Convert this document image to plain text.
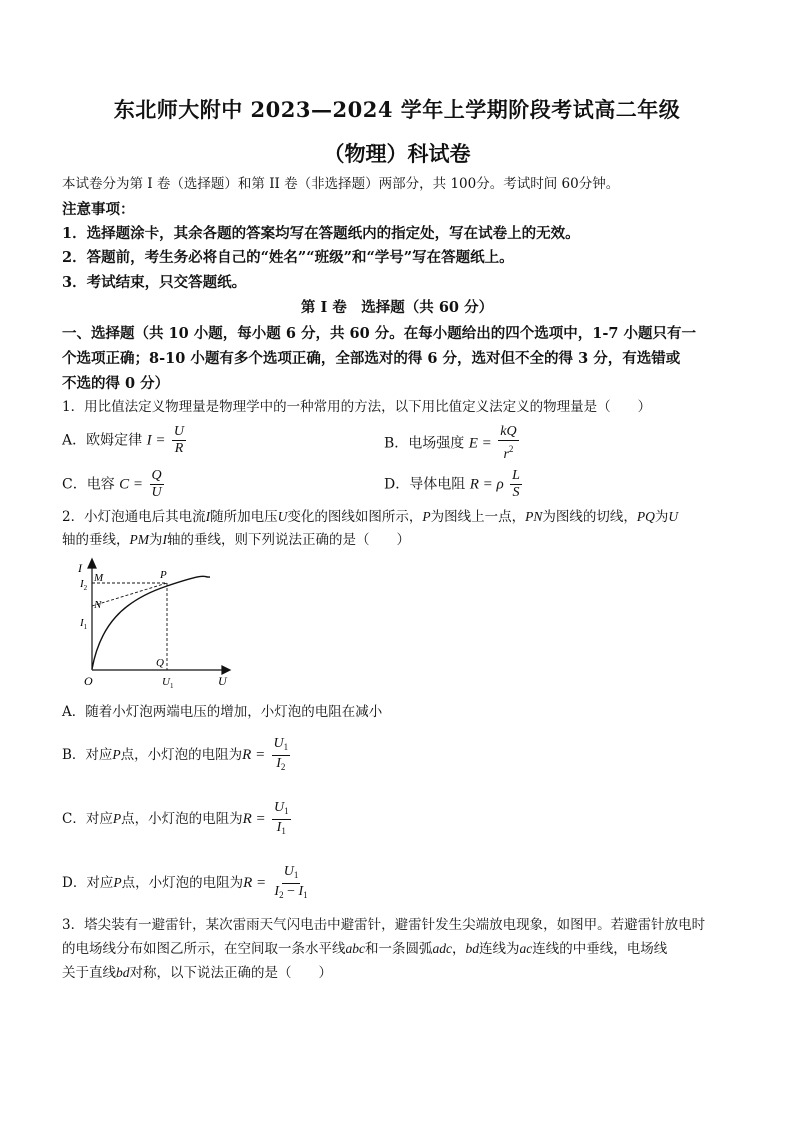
东北师大附中 2023—2024 学年上学期阶段考试高二年级
（物理）科试卷
本试卷分为第 I 卷（选择题）和第 II 卷（非选择题）两部分，共 100分。考试时间 60分钟。
注意事项：
1．选择题涂卡，其余各题的答案均写在答题纸内的指定处，写在试卷上的无效。
2．答题前，考生务必将自己的“姓名”“班级”和“学号”写在答题纸上。
3．考试结束，只交答题纸。
第 I 卷　选择题（共 60 分）
一、选择题（共 10 小题，每小题 6 分，共 60 分。在每小题给出的四个选项中，1-7 小题只有一
个选项正确；8-10 小题有多个选项正确，全部选对的得 6 分，选对但不全的得 3 分，有选错或
不选的得 0 分）
1．用比值法定义物理量是物理学中的一种常用的方法，以下用比值定义法定义的物理量是（　　）
A．欧姆定律 $I = \frac{U}{R}$	B．电场强度 $E = \frac{kQ}{r^2}$
C．电容 $C = \frac{Q}{U}$	D．导体电阻 R = ρ $\frac{L}{S}$
2．小灯泡通电后其电流I随所加电压U变化的图线如图所示，P为图线上一点，PN为图线的切线，PQ为U
轴的垂线，PM为I轴的垂线，则下列说法正确的是（　　）
I
U
O
M
N
P
Q
$I_2$
$I_1$
$U_1$
A．随着小灯泡两端电压的增加，小灯泡的电阻在减小
B．对应P点，小灯泡的电阻为$R = \frac{U_1}{I_2}$
C．对应P点，小灯泡的电阻为$R = \frac{U_1}{I_1}$
D．对应P点，小灯泡的电阻为$R = \frac{U_1}{I_2 - I_1}$
3．塔尖装有一避雷针，某次雷雨天气闪电击中避雷针，避雷针发生尖端放电现象，如图甲。若避雷针放电时
的电场线分布如图乙所示，在空间取一条水平线abc和一条圆弧adc，bd连线为ac连线的中垂线，电场线
关于直线bd对称，以下说法正确的是（　　）
